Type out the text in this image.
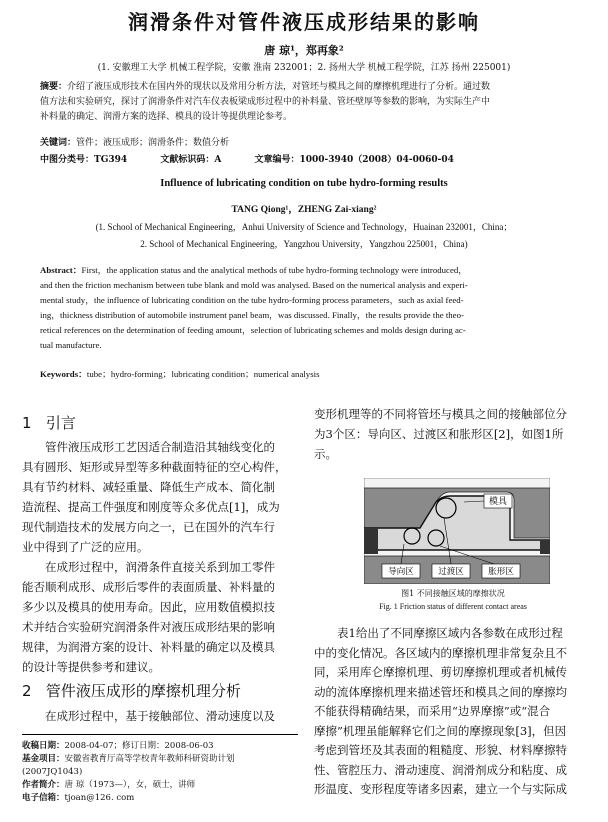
润滑条件对管件液压成形结果的影响
唐 琼¹，郑再象²
(1. 安徽理工大学 机械工程学院，安徽 淮南 232001；2. 扬州大学 机械工程学院，江苏 扬州 225001)
摘要：介绍了液压成形技术在国内外的现状以及常用分析方法，对管坯与模具之间的摩擦机理进行了分析。通过数
值方法和实验研究，探讨了润滑条件对汽车仪表板梁成形过程中的补料量、管坯壁厚等参数的影响，为实际生产中
补料量的确定、润滑方案的选择、模具的设计等提供理论参考。
关键词：管件；液压成形；润滑条件；数值分析
中图分类号：TG394	文献标识码：A	文章编号：1000-3940（2008）04-0060-04
Influence of lubricating condition on tube hydro-forming results
TANG Qiong¹，ZHENG Zai-xiang²
(1. School of Mechanical Engineering，Anhui University of Science and Technology，Huainan 232001，China；
2. School of Mechanical Engineering，Yangzhou University，Yangzhou 225001，China)
Abstract：First，the application status and the analytical methods of tube hydro-forming technology were introduced，
and then the friction mechanism between tube blank and mold was analysed. Based on the numerical analysis and experi-
mental study，the influence of lubricating condition on the tube hydro-forming process parameters，such as axial feed-
ing，thickness distribution of automobile instrument panel beam，was discussed. Finally，the results provide the theo-
retical references on the determination of feeding amount，selection of lubricating schemes and molds design during ac-
tual manufacture.
Keywords：tube；hydro-forming；lubricating condition；numerical analysis
1 引言
管件液压成形工艺因适合制造沿其轴线变化的
具有圆形、矩形或异型等多种截面特征的空心构件，
具有节约材料、减轻重量、降低生产成本、简化制
造流程、提高工件强度和刚度等众多优点[1]，成为
现代制造技术的发展方向之一，已在国外的汽车行
业中得到了广泛的应用。
在成形过程中，润滑条件直接关系到加工零件
能否顺利成形、成形后零件的表面质量、补料量的
多少以及模具的使用寿命。因此，应用数值模拟技
术并结合实验研究润滑条件对液压成形结果的影响
规律，为润滑方案的设计、补料量的确定以及模具
的设计等提供参考和建议。
2 管件液压成形的摩擦机理分析
在成形过程中，基于接触部位、滑动速度以及
收稿日期：2008-04-07；修订日期：2008-06-03
基金项目：安徽省教育厅高等学校青年教师科研资助计划
(2007JQ1043)
作者简介：唐 琼（1973—），女，硕士，讲师
电子信箱：tjoan@126. com
变形机理等的不同将管坯与模具之间的接触部位分
为3个区：导向区、过渡区和胀形区[2]，如图1所
示。
模具
导向区	过渡区	胀形区
图1 不同接触区域的摩擦状况
Fig. 1 Friction status of different contact areas
表1给出了不同摩擦区域内各参数在成形过程
中的变化情况。各区域内的摩擦机理非常复杂且不
同，采用库仑摩擦机理、剪切摩擦机理或者机械传
动的流体摩擦机理来描述管坯和模具之间的摩擦均
不能获得精确结果，而采用“边界摩擦”或“混合
摩擦”机理虽能解释它们之间的摩擦现象[3]，但因
考虑到管坯及其表面的粗糙度、形貌、材料摩擦特
性、管腔压力、滑动速度、润滑剂成分和粘度、成
形温度、变形程度等诸多因素，建立一个与实际成
